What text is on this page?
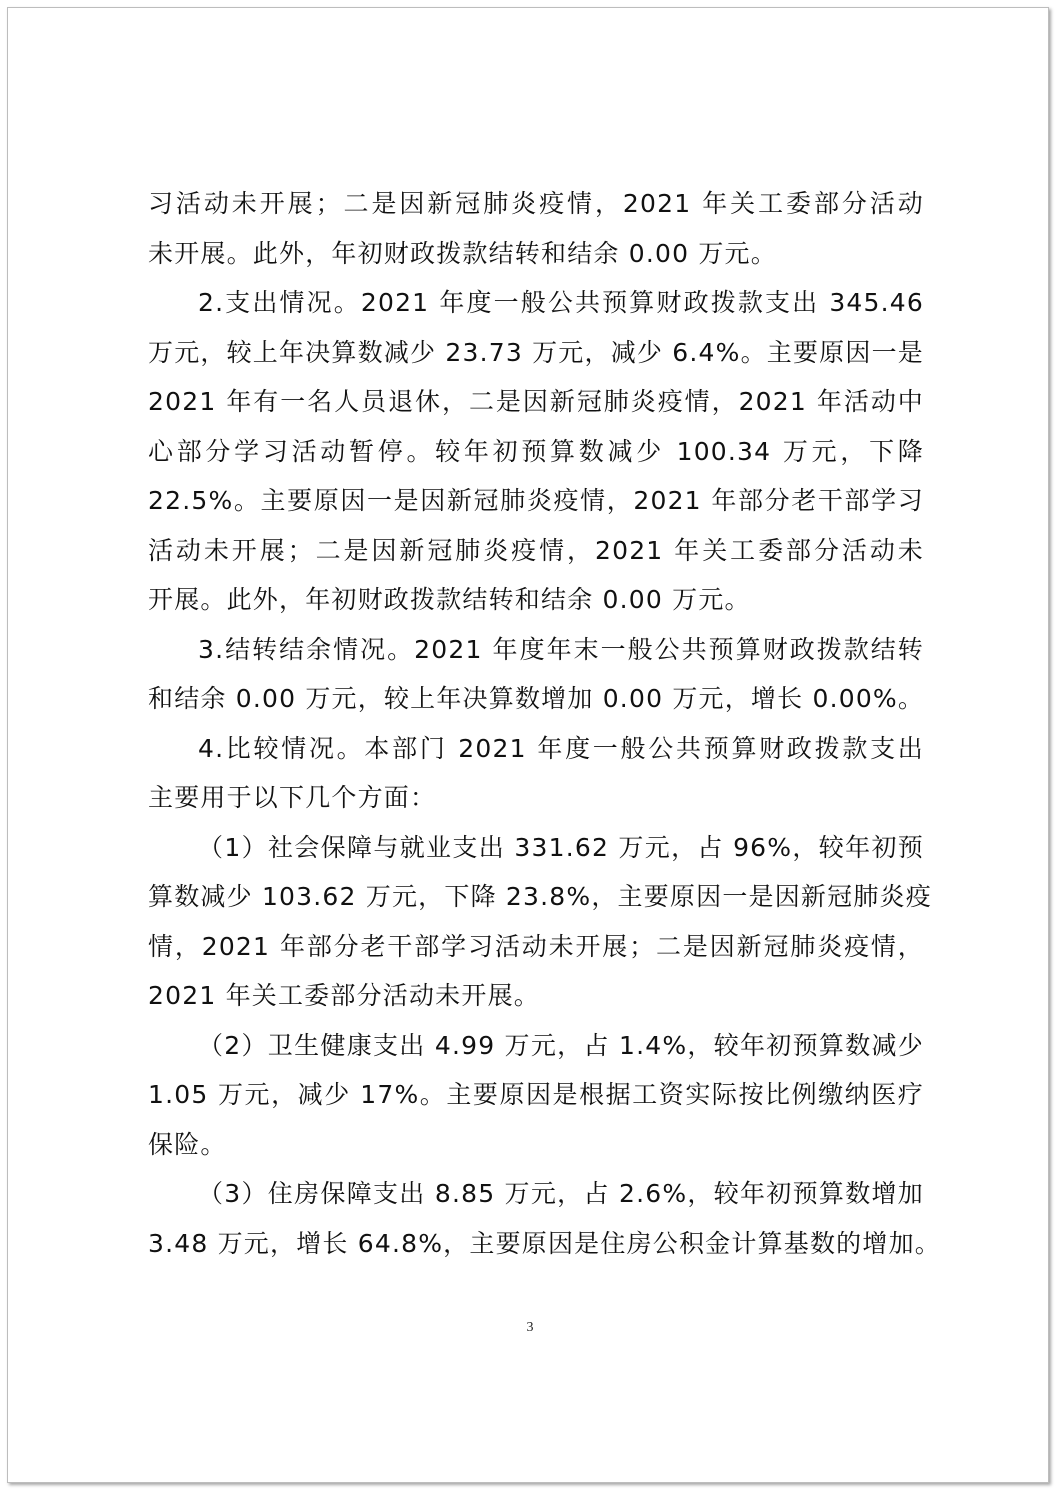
习活动未开展；二是因新冠肺炎疫情，2021 年关工委部分活动
未开展。此外，年初财政拨款结转和结余 0.00 万元。

2.支出情况。2021 年度一般公共预算财政拨款支出 345.46
万元，较上年决算数减少 23.73 万元，减少 6.4%。主要原因一是
2021 年有一名人员退休，二是因新冠肺炎疫情，2021 年活动中
心部分学习活动暂停。较年初预算数减少 100.34 万元，下降
22.5%。主要原因一是因新冠肺炎疫情，2021 年部分老干部学习
活动未开展；二是因新冠肺炎疫情，2021 年关工委部分活动未
开展。此外，年初财政拨款结转和结余 0.00 万元。

3.结转结余情况。2021 年度年末一般公共预算财政拨款结转
和结余 0.00 万元，较上年决算数增加 0.00 万元，增长 0.00%。

4.比较情况。本部门 2021 年度一般公共预算财政拨款支出
主要用于以下几个方面：

（1）社会保障与就业支出 331.62 万元，占 96%，较年初预
算数减少 103.62 万元，下降 23.8%，主要原因一是因新冠肺炎疫
情，2021 年部分老干部学习活动未开展；二是因新冠肺炎疫情，
2021 年关工委部分活动未开展。

（2）卫生健康支出 4.99 万元，占 1.4%，较年初预算数减少
1.05 万元，减少 17%。主要原因是根据工资实际按比例缴纳医疗
保险。

（3）住房保障支出 8.85 万元，占 2.6%，较年初预算数增加
3.48 万元，增长 64.8%，主要原因是住房公积金计算基数的增加。

3
